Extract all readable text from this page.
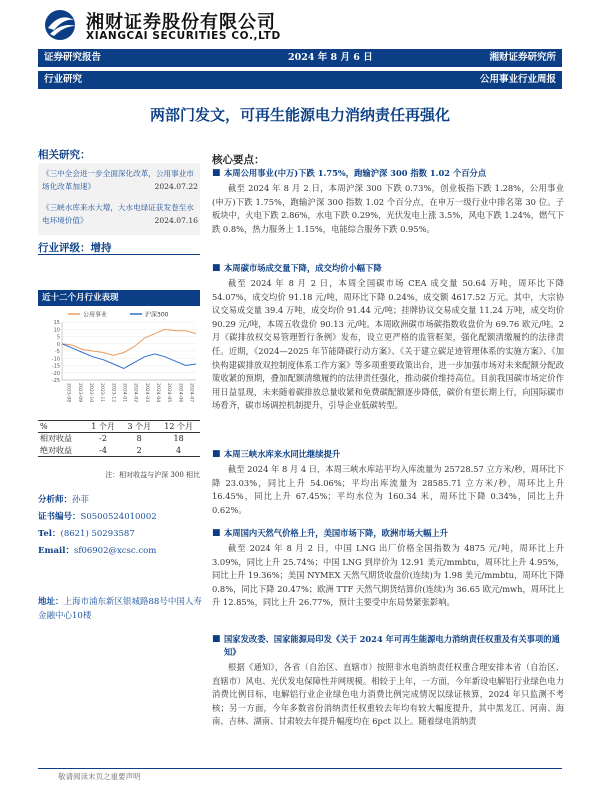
湘财证券股份有限公司
XIANGCAI SECURITIES CO.,LTD
证券研究报告	2024 年 8 月 6 日	湘财证券研究所
行业研究	公用事业行业周报
两部门发文，可再生能源电力消纳责任再强化
相关研究：
《三中全会进一步全面深化改革，公用事业市场化改革加速》	2024.07.22
《三峡水库来水大增，大水电绿证获发卷至水电环境价值》	2024.07.16
行业评级：增持
近十二个月行业表现
公用事业	沪深300
15
10
5
0
-5
-10
-15
-20
-25
2023-08 2023-09 2023-10 2023-11 2023-12 2024-01 2024-02 2024-03 2024-04 2024-05 2024-06 2024-07
%	1 个月	3 个月	12 个月
相对收益	-2	8	18
绝对收益	-4	2	4
注：相对收益与沪深 300 相比
分析师：孙菲
证书编号：S0500524010002
Tel：(8621) 50293587
Email：sf06902@xcsc.com
地址：上海市浦东新区银城路88号中国人寿金融中心10楼
核心要点：
■ 本周公用事业(中万)下跌 1.75%，跑输沪深 300 指数 1.02 个百分点
截至 2024 年 8 月 2 日，本周沪深 300 下跌 0.73%，创业板指下跌 1.28%，公用事业(申万)下跌 1.75%，跑输沪深 300 指数 1.02 个百分点，在申万一级行业中排名第 30 位。子板块中，火电下跌 2.86%，水电下跌 0.29%，光伏发电上涨 3.5%，风电下跌 1.24%，燃气下跌 0.8%，热力服务上 1.15%，电能综合服务下跌 0.95%。
■ 本周碳市场成交量下降，成交均价小幅下降
截至 2024 年 8 月 2 日，本周全国碳市场 CEA 成交量 50.64 万吨，周环比下降 54.07%，成交均价 91.18 元/吨，周环比下降 0.24%，成交额 4617.52 万元。其中，大宗协议交易成交量 39.4 万吨，成交均价 91.44 元/吨；挂牌协议交易成交量 11.24 万吨，成交均价 90.29 元/吨，本周五收盘价 90.13 元/吨。本周欧洲碳市场碳指数收盘价为 69.76 欧元/吨。2 月《碳排放权交易管理暂行条例》发布，设立更严格的监管框架，强化配额清缴履约的法律责任。近期，《2024—2025 年节能降碳行动方案》、《关于建立碳足迹管理体系的实施方案》、《加快构建碳排放双控制度体系工作方案》等多项重要政策出台，进一步加强市场对未来配额分配政策收紧的预期，叠加配额清缴履约的法律责任强化，推动碳价维持高位。目前我国碳市场定价作用日益显现，未来随着碳排放总量收紧和免费碳配额逐步降低，碳价有望长期上行，向国际碳市场看齐，碳市场调控机制提升，引导企业低碳转型。
■ 本周三峡水库来水同比继续提升
截至 2024 年 8 月 4 日，本周三峡水库站平均入库流量为 25728.57 立方米/秒，周环比下降 23.03%，同比上升 54.06%；平均出库流量为 28585.71 立方米/秒，周环比上升 16.45%，同比上升 67.45%；平均水位为 160.34 米，周环比下降 0.34%，同比上升 0.62%。
■ 本周国内天然气价格上升，美国市场下降，欧洲市场大幅上升
截至 2024 年 8 月 2 日，中国 LNG 出厂价格全国指数为 4875 元/吨，周环比上升 3.09%，同比上升 25.74%；中国 LNG 到岸价为 12.91 美元/mmbtu，周环比上升 4.95%，同比上升 19.36%；美国 NYMEX 天然气期货收盘价(连续)为 1.98 美元/mmbtu，周环比下降 0.8%，同比下降 20.47%；欧洲 TTF 天然气期货结算价(连续)为 36.65 欧元/mwh，周环比上升 12.85%，同比上升 26.77%，预计主要受中东局势紧张影响。
■ 国家发改委、国家能源局印发《关于 2024 年可再生能源电力消纳责任权重及有关事项的通知》
根据《通知》，各省（自治区、直辖市）按照非水电消纳责任权重合理安排本省（自治区、直辖市）风电、光伏发电保障性并网规模。相较于上年，一方面，今年新设电解铝行业绿色电力消费比例目标，电解铝行业企业绿色电力消费比例完成情况以绿证核算，2024 年只监测不考核；另一方面，今年多数省份消纳责任权重较去年均有较大幅度提升，其中黑龙江、河南、海南、吉林、湖南、甘肃较去年提升幅度均在 6pct 以上。随着绿电消纳责
敬请阅读末页之重要声明
